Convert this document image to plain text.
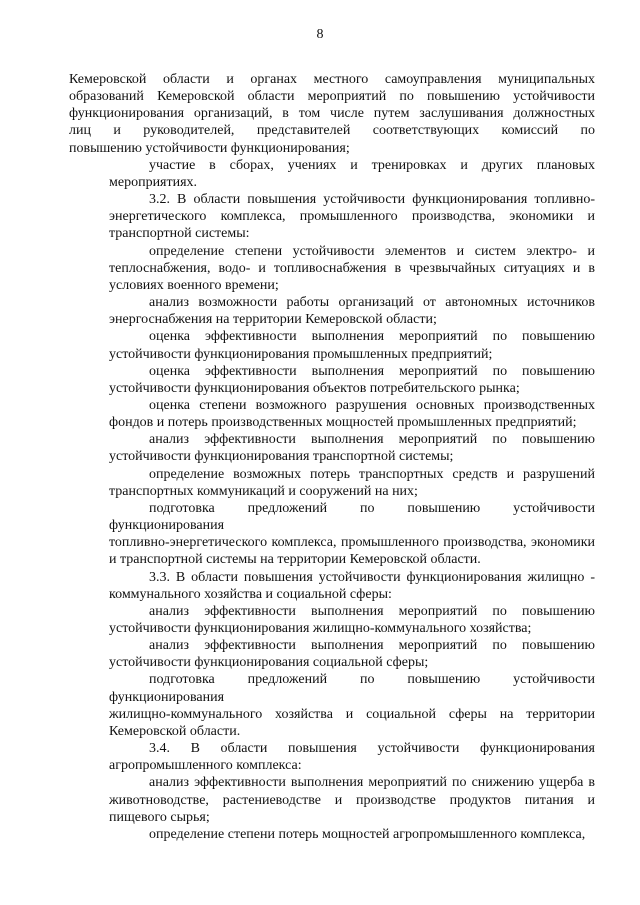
8
Кемеровской области и органах местного самоуправления муниципальных
образований Кемеровской области мероприятий по повышению устойчивости
функционирования организаций, в том числе путем заслушивания должностных
лиц и руководителей, представителей соответствующих комиссий по
повышению устойчивости функционирования;
участие в сборах, учениях и тренировках и других плановых
мероприятиях.
3.2. В области повышения устойчивости функционирования топливно-
энергетического комплекса, промышленного производства, экономики и
транспортной системы:
определение степени устойчивости элементов и систем электро- и
теплоснабжения, водо- и топливоснабжения в чрезвычайных ситуациях и в
условиях военного времени;
анализ возможности работы организаций от автономных источников
энергоснабжения на территории Кемеровской области;
оценка эффективности выполнения мероприятий по повышению
устойчивости функционирования промышленных предприятий;
оценка эффективности выполнения мероприятий по повышению
устойчивости функционирования объектов потребительского рынка;
оценка степени возможного разрушения основных производственных
фондов и потерь производственных мощностей промышленных предприятий;
анализ эффективности выполнения мероприятий по повышению
устойчивости функционирования транспортной системы;
определение возможных потерь транспортных средств и разрушений
транспортных коммуникаций и сооружений на них;
подготовка предложений по повышению устойчивости функционирования
топливно-энергетического комплекса, промышленного производства, экономики
и транспортной системы на территории Кемеровской области.
3.3. В области повышения устойчивости функционирования жилищно -
коммунального хозяйства и социальной сферы:
анализ эффективности выполнения мероприятий по повышению
устойчивости функционирования жилищно-коммунального хозяйства;
анализ эффективности выполнения мероприятий по повышению
устойчивости функционирования социальной сферы;
подготовка предложений по повышению устойчивости функционирования
жилищно-коммунального хозяйства и социальной сферы на территории
Кемеровской области.
3.4. В области повышения устойчивости функционирования
агропромышленного комплекса:
анализ эффективности выполнения мероприятий по снижению ущерба в
животноводстве, растениеводстве и производстве продуктов питания и
пищевого сырья;
определение степени потерь мощностей агропромышленного комплекса,
